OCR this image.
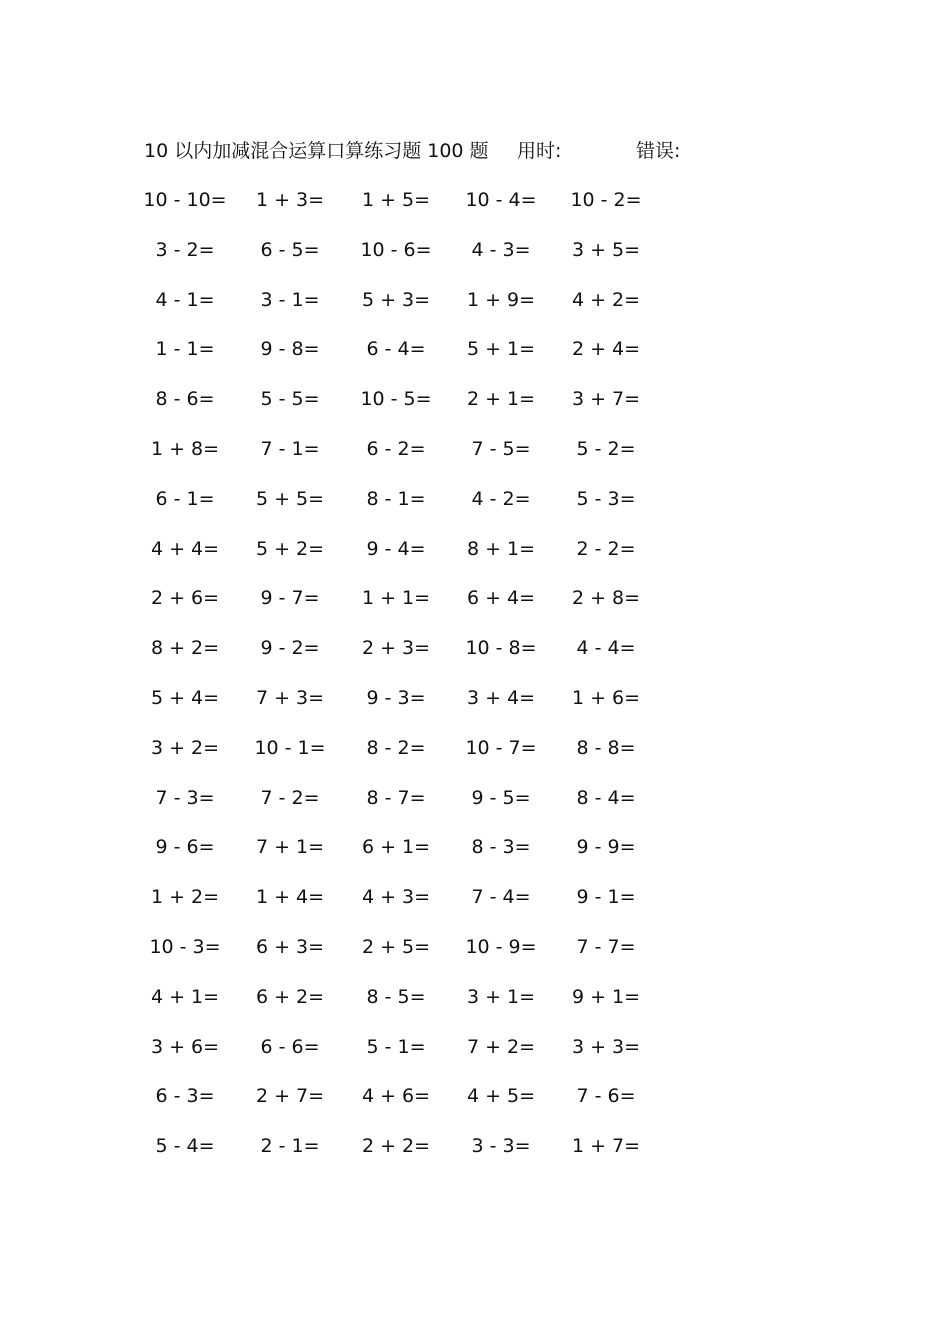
10 以内加减混合运算口算练习题 100 题 用时:	错误:
10 - 10=	1 + 3=	1 + 5=	10 - 4=	10 - 2=
3 - 2=	6 - 5=	10 - 6=	4 - 3=	3 + 5=
4 - 1=	3 - 1=	5 + 3=	1 + 9=	4 + 2=
1 - 1=	9 - 8=	6 - 4=	5 + 1=	2 + 4=
8 - 6=	5 - 5=	10 - 5=	2 + 1=	3 + 7=
1 + 8=	7 - 1=	6 - 2=	7 - 5=	5 - 2=
6 - 1=	5 + 5=	8 - 1=	4 - 2=	5 - 3=
4 + 4=	5 + 2=	9 - 4=	8 + 1=	2 - 2=
2 + 6=	9 - 7=	1 + 1=	6 + 4=	2 + 8=
8 + 2=	9 - 2=	2 + 3=	10 - 8=	4 - 4=
5 + 4=	7 + 3=	9 - 3=	3 + 4=	1 + 6=
3 + 2=	10 - 1=	8 - 2=	10 - 7=	8 - 8=
7 - 3=	7 - 2=	8 - 7=	9 - 5=	8 - 4=
9 - 6=	7 + 1=	6 + 1=	8 - 3=	9 - 9=
1 + 2=	1 + 4=	4 + 3=	7 - 4=	9 - 1=
10 - 3=	6 + 3=	2 + 5=	10 - 9=	7 - 7=
4 + 1=	6 + 2=	8 - 5=	3 + 1=	9 + 1=
3 + 6=	6 - 6=	5 - 1=	7 + 2=	3 + 3=
6 - 3=	2 + 7=	4 + 6=	4 + 5=	7 - 6=
5 - 4=	2 - 1=	2 + 2=	3 - 3=	1 + 7=
